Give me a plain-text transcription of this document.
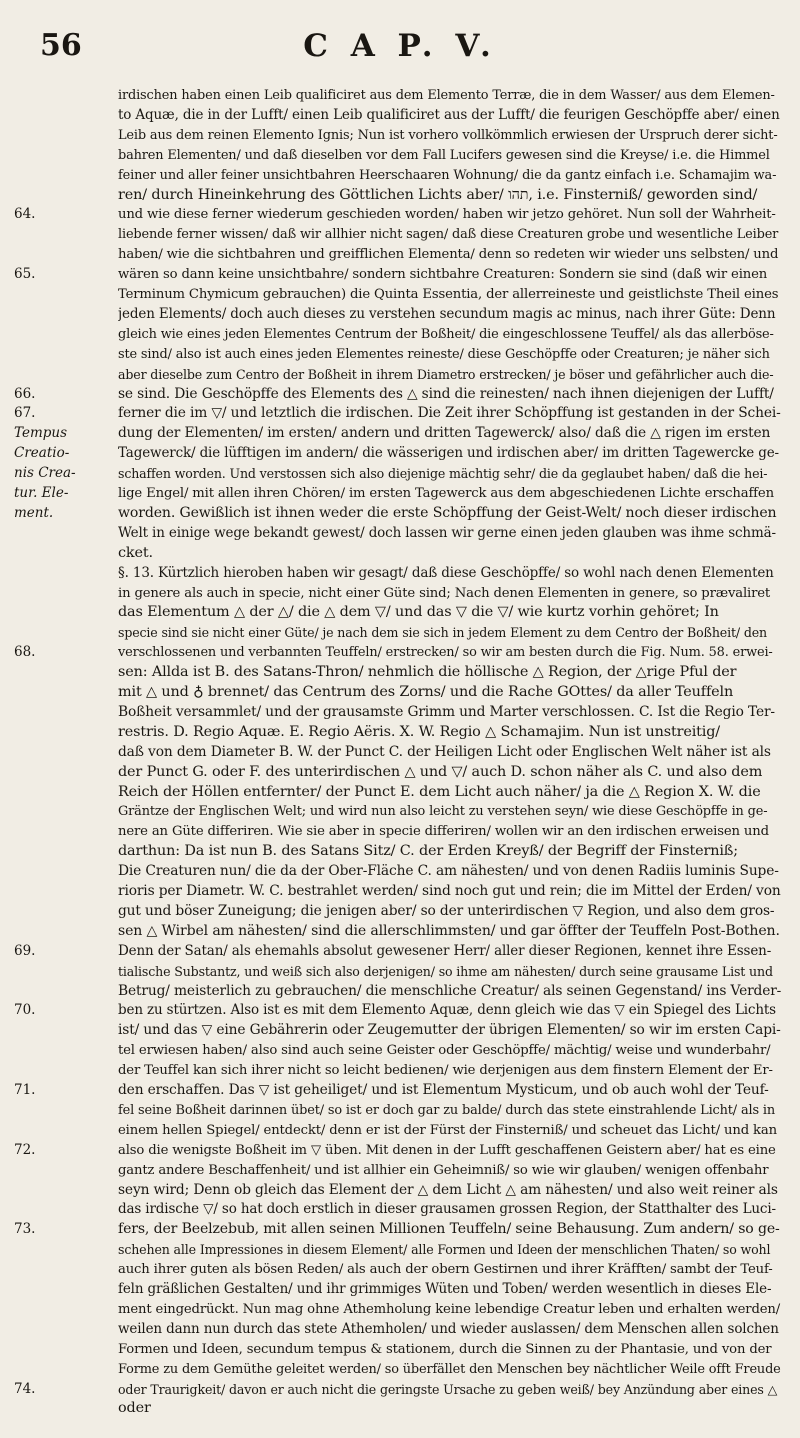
56	C A P. V.
irdischen haben einen Leib qualificiret aus dem Elemento Terræ, die in dem Wasser/ aus dem Elemen-
to Aquæ, die in der Lufft/ einen Leib qualificiret aus der Lufft/ die feurigen Geschöpffe aber/ einen
Leib aus dem reinen Elemento Ignis; Nun ist vorhero vollkömmlich erwiesen der Urspruch derer sicht-
bahren Elementen/ und daß dieselben vor dem Fall Lucifers gewesen sind die Kreyse/ i.e. die Himmel
feiner und aller feiner unsichtbahren Heerschaaren Wohnung/ die da gantz einfach i.e. Schamajim wa-
ren/ durch Hineinkehrung des Göttlichen Lichts aber/ תהו, i.e. Finsterniß/ geworden sind/
und wie diese ferner wiederum geschieden worden/ haben wir jetzo gehöret. Nun soll der Wahrheit-
liebende ferner wissen/ daß wir allhier nicht sagen/ daß diese Creaturen grobe und wesentliche Leiber
haben/ wie die sichtbahren und greifflichen Elementa/ denn so redeten wir wieder uns selbsten/ und
wären so dann keine unsichtbahre/ sondern sichtbahre Creaturen: Sondern sie sind (daß wir einen
Terminum Chymicum gebrauchen) die Quinta Essentia, der allerreineste und geistlichste Theil eines
jeden Elements/ doch auch dieses zu verstehen secundum magis ac minus, nach ihrer Güte: Denn
gleich wie eines jeden Elementes Centrum der Boßheit/ die eingeschlossene Teuffel/ als das allerböse-
ste sind/ also ist auch eines jeden Elementes reineste/ diese Geschöpffe oder Creaturen; je näher sich
aber dieselbe zum Centro der Boßheit in ihrem Diametro erstrecken/ je böser und gefährlicher auch die-
se sind. Die Geschöpffe des Elements des △ sind die reinesten/ nach ihnen diejenigen der Lufft/
ferner die im ▽/ und letztlich die irdischen. Die Zeit ihrer Schöpffung ist gestanden in der Schei-
dung der Elementen/ im ersten/ andern und dritten Tagewerck/ also/ daß die △ rigen im ersten
Tagewerck/ die lüfftigen im andern/ die wässerigen und irdischen aber/ im dritten Tagewercke ge-
schaffen worden. Und verstossen sich also diejenige mächtig sehr/ die da geglaubet haben/ daß die hei-
lige Engel/ mit allen ihren Chören/ im ersten Tagewerck aus dem abgeschiedenen Lichte erschaffen
worden. Gewißlich ist ihnen weder die erste Schöpffung der Geist-Welt/ noch dieser irdischen
Welt in einige wege bekandt gewest/ doch lassen wir gerne einen jeden glauben was ihme schmä-
cket.
§. 13. Kürtzlich hieroben haben wir gesagt/ daß diese Geschöpffe/ so wohl nach denen Elementen
in genere als auch in specie, nicht einer Güte sind; Nach denen Elementen in genere, so prævaliret
das Elementum △ der △/ die △ dem ▽/ und das ▽ die ▽/ wie kurtz vorhin gehöret; In
specie sind sie nicht einer Güte/ je nach dem sie sich in jedem Element zu dem Centro der Boßheit/ den
verschlossenen und verbannten Teuffeln/ erstrecken/ so wir am besten durch die Fig. Num. 58. erwei-
sen: Allda ist B. des Satans-Thron/ nehmlich die höllische △ Region, der △rige Pful der
mit △ und ♁ brennet/ das Centrum des Zorns/ und die Rache GOttes/ da aller Teuffeln
Boßheit versammlet/ und der grausamste Grimm und Marter verschlossen. C. Ist die Regio Ter-
restris. D. Regio Aquæ. E. Regio Aëris. X. W. Regio △ Schamajim. Nun ist unstreitig/
daß von dem Diameter B. W. der Punct C. der Heiligen Licht oder Englischen Welt näher ist als
der Punct G. oder F. des unterirdischen △ und ▽/ auch D. schon näher als C. und also dem
Reich der Höllen entfernter/ der Punct E. dem Licht auch näher/ ja die △ Region X. W. die
Gräntze der Englischen Welt; und wird nun also leicht zu verstehen seyn/ wie diese Geschöpffe in ge-
nere an Güte differiren. Wie sie aber in specie differiren/ wollen wir an den irdischen erweisen und
darthun: Da ist nun B. des Satans Sitz/ C. der Erden Kreyß/ der Begriff der Finsterniß;
Die Creaturen nun/ die da der Ober-Fläche C. am nähesten/ und von denen Radiis luminis Supe-
rioris per Diametr. W. C. bestrahlet werden/ sind noch gut und rein; die im Mittel der Erden/ von
gut und böser Zuneigung; die jenigen aber/ so der unterirdischen ▽ Region, und also dem gros-
sen △ Wirbel am nähesten/ sind die allerschlimmsten/ und gar öffter der Teuffeln Post-Bothen.
Denn der Satan/ als ehemahls absolut gewesener Herr/ aller dieser Regionen, kennet ihre Essen-
tialische Substantz, und weiß sich also derjenigen/ so ihme am nähesten/ durch seine grausame List und
Betrug/ meisterlich zu gebrauchen/ die menschliche Creatur/ als seinen Gegenstand/ ins Verder-
ben zu stürtzen. Also ist es mit dem Elemento Aquæ, denn gleich wie das ▽ ein Spiegel des Lichts
ist/ und das ▽ eine Gebährerin oder Zeugemutter der übrigen Elementen/ so wir im ersten Capi-
tel erwiesen haben/ also sind auch seine Geister oder Geschöpffe/ mächtig/ weise und wunderbahr/
der Teuffel kan sich ihrer nicht so leicht bedienen/ wie derjenigen aus dem finstern Element der Er-
den erschaffen. Das ▽ ist geheiliget/ und ist Elementum Mysticum, und ob auch wohl der Teuf-
fel seine Boßheit darinnen übet/ so ist er doch gar zu balde/ durch das stete einstrahlende Licht/ als in
einem hellen Spiegel/ entdeckt/ denn er ist der Fürst der Finsterniß/ und scheuet das Licht/ und kan
also die wenigste Boßheit im ▽ üben. Mit denen in der Lufft geschaffenen Geistern aber/ hat es eine
gantz andere Beschaffenheit/ und ist allhier ein Geheimniß/ so wie wir glauben/ wenigen offenbahr
seyn wird; Denn ob gleich das Element der △ dem Licht △ am nähesten/ und also weit reiner als
das irdische ▽/ so hat doch erstlich in dieser grausamen grossen Region, der Statthalter des Luci-
fers, der Beelzebub, mit allen seinen Millionen Teuffeln/ seine Behausung. Zum andern/ so ge-
schehen alle Impressiones in diesem Element/ alle Formen und Ideen der menschlichen Thaten/ so wohl
auch ihrer guten als bösen Reden/ als auch der obern Gestirnen und ihrer Kräfften/ sambt der Teuf-
feln gräßlichen Gestalten/ und ihr grimmiges Wüten und Toben/ werden wesentlich in dieses Ele-
ment eingedrückt. Nun mag ohne Athemholung keine lebendige Creatur leben und erhalten werden/
weilen dann nun durch das stete Athemholen/ und wieder auslassen/ dem Menschen allen solchen
Formen und Ideen, secundum tempus & stationem, durch die Sinnen zu der Phantasie, und von der
Forme zu dem Gemüthe geleitet werden/ so überfället den Menschen bey nächtlicher Weile offt Freude
oder Traurigkeit/ davon er auch nicht die geringste Ursache zu geben weiß/ bey Anzündung aber eines △
oder
64.
65.
66.
67.
Tempus
Creatio-
nis Crea-
tur. Ele-
ment.
68.
69.
70.
71.
72.
73.
74.
